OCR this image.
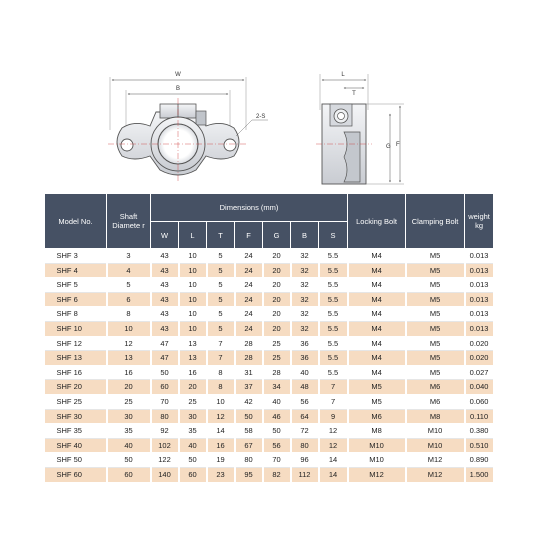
W
B
2-S
L
T
G F
Model No.	Shaft Diamete r	Dimensions (mm)							Locking Bolt	Clamping Bolt	weight kg
		W	L	T	F	G	B	S			
SHF 3	3	43	10	5	24	20	32	5.5	M4	M5	0.013
SHF 4	4	43	10	5	24	20	32	5.5	M4	M5	0.013
SHF 5	5	43	10	5	24	20	32	5.5	M4	M5	0.013
SHF 6	6	43	10	5	24	20	32	5.5	M4	M5	0.013
SHF 8	8	43	10	5	24	20	32	5.5	M4	M5	0.013
SHF 10	10	43	10	5	24	20	32	5.5	M4	M5	0.013
SHF 12	12	47	13	7	28	25	36	5.5	M4	M5	0.020
SHF 13	13	47	13	7	28	25	36	5.5	M4	M5	0.020
SHF 16	16	50	16	8	31	28	40	5.5	M4	M5	0.027
SHF 20	20	60	20	8	37	34	48	7	M5	M6	0.040
SHF 25	25	70	25	10	42	40	56	7	M5	M6	0.060
SHF 30	30	80	30	12	50	46	64	9	M6	M8	0.110
SHF 35	35	92	35	14	58	50	72	12	M8	M10	0.380
SHF 40	40	102	40	16	67	56	80	12	M10	M10	0.510
SHF 50	50	122	50	19	80	70	96	14	M10	M12	0.890
SHF 60	60	140	60	23	95	82	112	14	M12	M12	1.500
